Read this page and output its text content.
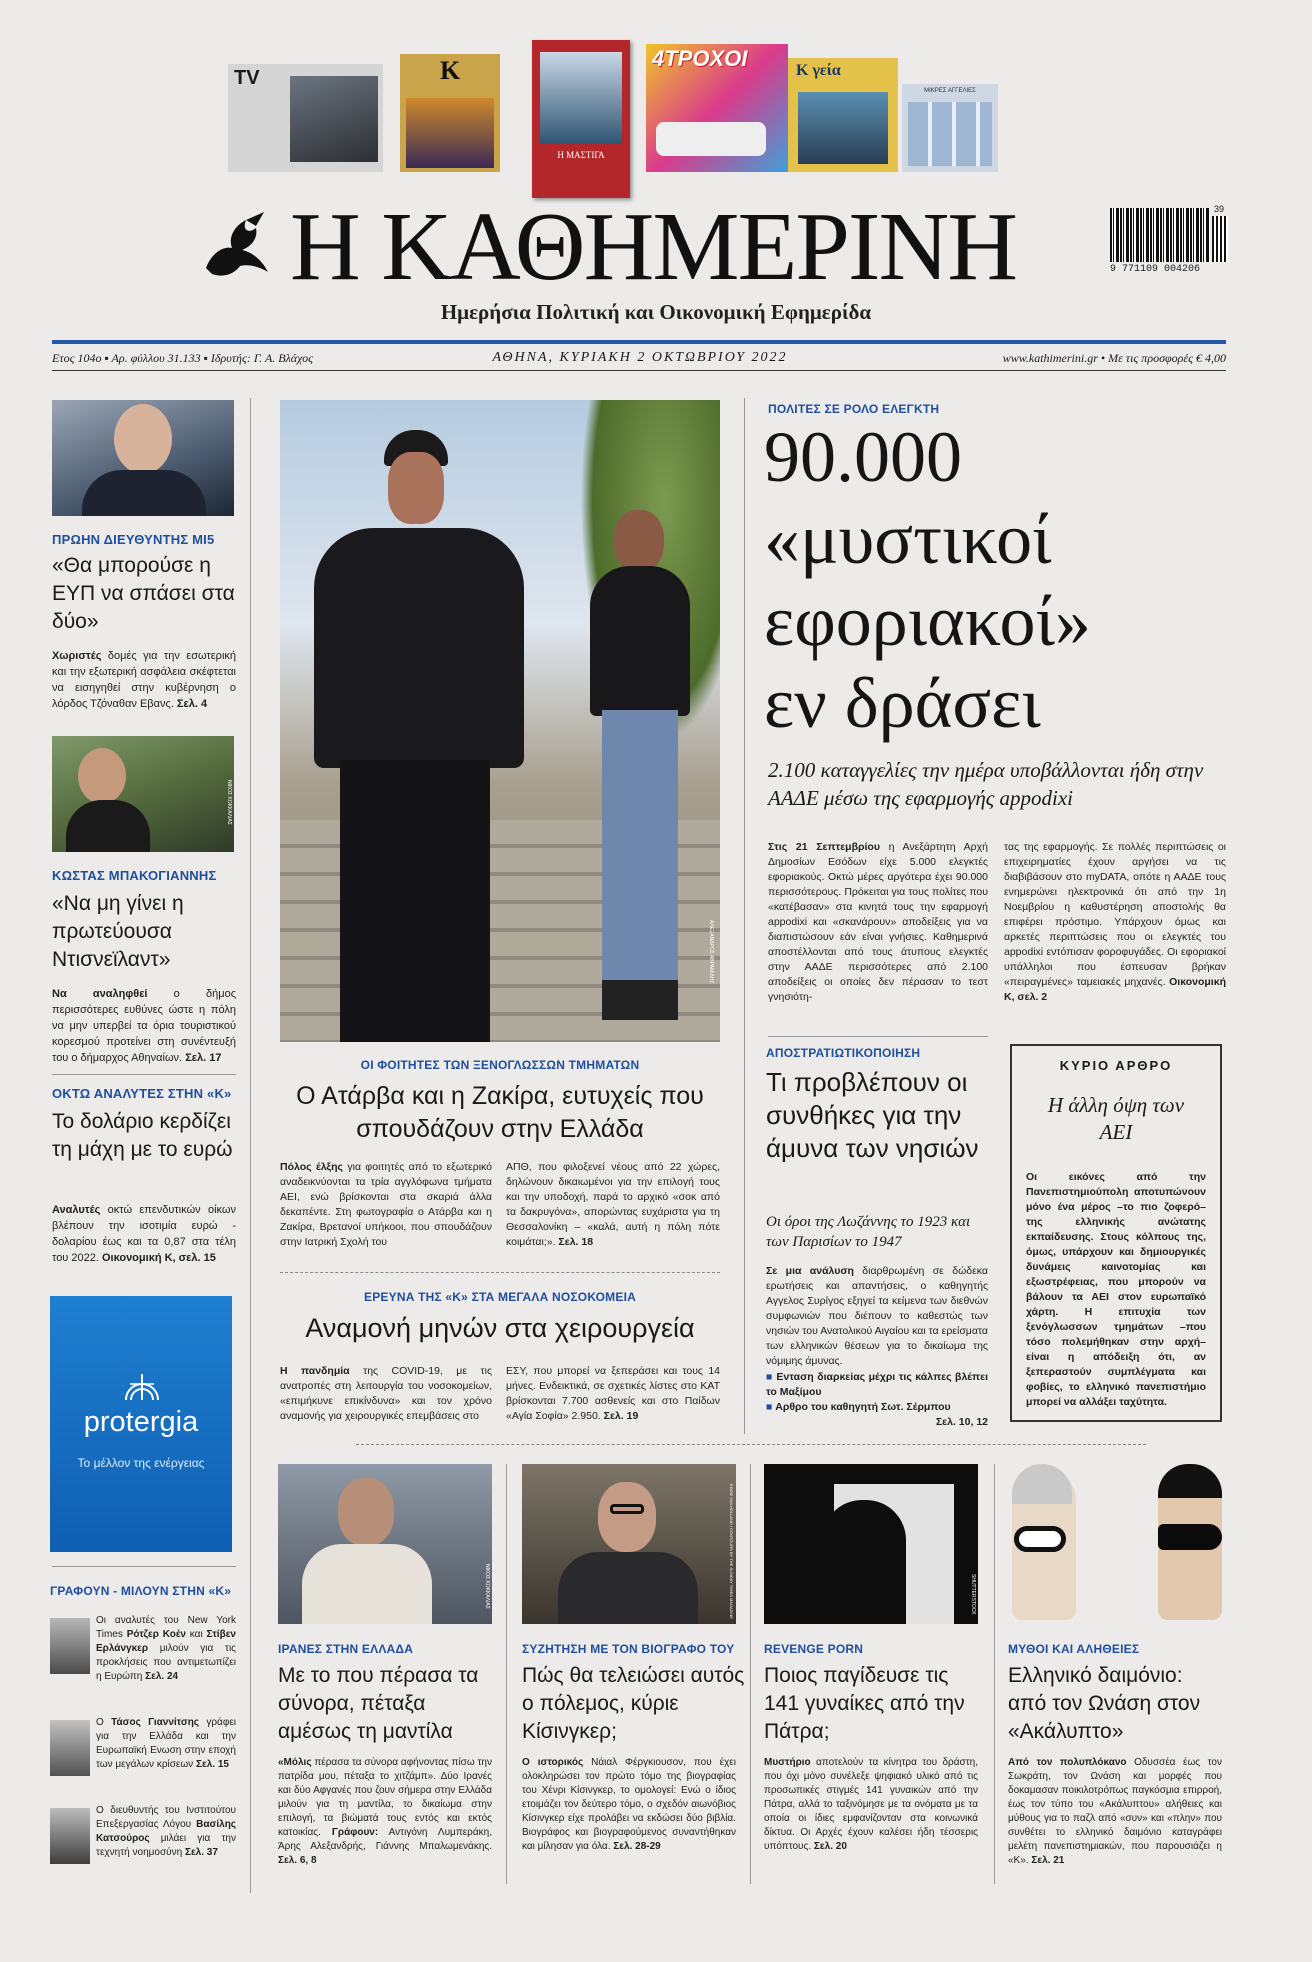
TV	K
Η ΜΑΣΤΙΓΑ
4ΤΡΟΧΟΙ	Κ γεία
ΜΙΚΡΕΣ ΑΓΓΕΛΙΕΣ
Η ΚΑΘΗΜΕΡΙΝΗ	39
9 771109 004206
Ημερήσια Πολιτική και Οικονομική Εφημερίδα
Ετος 104ο ▪ Αρ. φύλλου 31.133 ▪ Ιδρυτής: Γ. Α. Βλάχος	ΑΘΗΝΑ, ΚΥΡΙΑΚΗ 2 ΟΚΤΩΒΡΙΟΥ 2022	www.kathimerini.gr • Με τις προσφορές € 4,00
ΠΡΩΗΝ ΔΙΕΥΘΥΝΤΗΣ ΜΙ5
«Θα μπορούσε η ΕΥΠ να σπάσει στα δύο»
Χωριστές δομές για την εσωτερική και την εξωτερική ασφάλεια σκέφτεται να εισηγηθεί στην κυβέρνηση ο λόρδος Τζόναθαν Εβανς. Σελ. 4
ΝΙΚΟΣ ΚΟΚΚΑΛΙΑΣ
ΚΩΣΤΑΣ ΜΠΑΚΟΓΙΑΝΝΗΣ
«Να μη γίνει η πρωτεύουσα Ντισνεϊλαντ»
Να αναληφθεί ο δήμος περισσότερες ευθύνες ώστε η πόλη να μην υπερβεί τα όρια τουριστικού κορεσμού προτείνει στη συνέντευξή του ο δήμαρχος Αθηναίων. Σελ. 17
ΟΚΤΩ ΑΝΑΛΥΤΕΣ ΣΤΗΝ «Κ»
Το δολάριο κερδίζει τη μάχη με το ευρώ
Αναλυτές οκτώ επενδυτικών οίκων βλέπουν την ισοτιμία ευρώ - δολαρίου έως και τα 0,87 στα τέλη του 2022. Οικονομική Κ, σελ. 15
protergia
Το μέλλον της ενέργειας
ΓΡΑΦΟΥΝ - ΜΙΛΟΥΝ ΣΤΗΝ «Κ»
Οι αναλυτές του New York Times Ρότζερ Κοέν και Στίβεν Ερλάνγκερ μιλούν για τις προκλήσεις που αντιμετωπίζει η Ευρώπη Σελ. 24
Ο Τάσος Γιαννίτσης γράφει για την Ελλάδα και την Ευρωπαϊκή Ενωση στην εποχή των μεγάλων κρίσεων Σελ. 15
Ο διευθυντής του Ινστιτούτου Επεξεργασίας Λόγου Βασίλης Κατσούρος μιλάει για την τεχνητή νοημοσύνη Σελ. 37
ΑΛΕΞΑΝΔΡΟΣ ΑΒΡΑΜΙΔΗΣ
ΟΙ ΦΟΙΤΗΤΕΣ ΤΩΝ ΞΕΝΟΓΛΩΣΣΩΝ ΤΜΗΜΑΤΩΝ
Ο Ατάρβα και η Ζακίρα, ευτυχείς που σπουδάζουν στην Ελλάδα
Πόλος έλξης για φοιτητές από το εξωτερικό αναδεικνύονται τα τρία αγγλόφωνα τμήματα ΑΕΙ, ενώ βρίσκονται στα σκαριά άλλα δεκαπέντε. Στη φωτογραφία ο Ατάρβα και η Ζακίρα, Βρετανοί υπήκοοι, που σπουδάζουν στην Ιατρική Σχολή του
ΑΠΘ, που φιλοξενεί νέους από 22 χώρες, δηλώνουν δικαιωμένοι για την επιλογή τους και την υποδοχή, παρά το αρχικό «σοκ από τα δακρυγόνα», απορώντας ευχάριστα για τη Θεσσαλονίκη – «καλά, αυτή η πόλη πότε κοιμάται;». Σελ. 18
ΕΡΕΥΝΑ ΤΗΣ «Κ» ΣΤΑ ΜΕΓΑΛΑ ΝΟΣΟΚΟΜΕΙΑ
Αναμονή μηνών στα χειρουργεία
Η πανδημία της COVID-19, με τις ανατροπές στη λειτουργία του νοσοκομείων, «επιμήκυνε επικίνδυνα» και τον χρόνο αναμονής για χειρουργικές επεμβάσεις στο
ΕΣΥ, που μπορεί να ξεπεράσει και τους 14 μήνες. Ενδεικτικά, σε σχετικές λίστες στο ΚΑΤ βρίσκονται 7.700 ασθενείς και στο Παίδων «Αγία Σοφία» 2.950. Σελ. 19
ΠΟΛΙΤΕΣ ΣΕ ΡΟΛΟ ΕΛΕΓΚΤΗ
90.000
«μυστικοί
εφοριακοί»
εν δράσει
2.100 καταγγελίες την ημέρα υποβάλλονται ήδη στην ΑΑΔΕ μέσω της εφαρμογής appodixi
Στις 21 Σεπτεμβρίου η Ανεξάρτητη Αρχή Δημοσίων Εσόδων είχε 5.000 ελεγκτές εφοριακούς. Οκτώ μέρες αργότερα έχει 90.000 περισσότερους. Πρόκειται για τους πολίτες που «κατέβασαν» στα κινητά τους την εφαρμογή appodixi και «σκανάρουν» αποδείξεις για να διαπιστώσουν εάν είναι γνήσιες. Καθημερινά αποστέλλονται από τους άτυπους ελεγκτές στην ΑΑΔΕ περισσότερες από 2.100 αποδείξεις οι οποίες δεν πέρασαν το τεστ γνησιότη-
τας της εφαρμογής. Σε πολλές περιπτώσεις οι επιχειρηματίες έχουν αργήσει να τις διαβιβάσουν στο myDATA, οπότε η ΑΑΔΕ τους ενημερώνει ηλεκτρονικά ότι από την 1η Νοεμβρίου η καθυστέρηση αποστολής θα επιφέρει πρόστιμο. Υπάρχουν όμως και αρκετές περιπτώσεις που οι ελεγκτές του appodixi εντόπισαν φοροφυγάδες. Οι εφοριακοί υπάλληλοι που έσπευσαν βρήκαν «πειραγμένες» ταμειακές μηχανές. Οικονομική Κ, σελ. 2
ΑΠΟΣΤΡΑΤΙΩΤΙΚΟΠΟΙΗΣΗ
Τι προβλέπουν οι συνθήκες για την άμυνα των νησιών
Οι όροι της Λωζάννης το 1923 και των Παρισίων το 1947
Σε μια ανάλυση διαρθρωμένη σε δώδεκα ερωτήσεις και απαντήσεις, ο καθηγητής Αγγελος Συρίγος εξηγεί τα κείμενα των διεθνών συμφωνιών που διέπουν το καθεστώς των νησιών του Ανατολικού Αιγαίου και τα ερείσματα των ελληνικών θέσεων για το δικαίωμα της νόμιμης άμυνας.
■ Ενταση διαρκείας μέχρι τις κάλπες βλέπει το Μαξίμου
■ Αρθρο του καθηγητή Σωτ. Σέρμπου
Σελ. 10, 12
ΚΥΡΙΟ ΑΡΘΡΟ
Η άλλη όψη των ΑΕΙ
Οι εικόνες από την Πανεπιστημιούπολη αποτυπώνουν μόνο ένα μέρος –το πιο ζοφερό– της ελληνικής ανώτατης εκπαίδευσης. Στους κόλπους της, όμως, υπάρχουν και δημιουργικές δυνάμεις καινοτομίας και εξωστρέφειας, που μπορούν να βάλουν τα ΑΕΙ στον ευρωπαϊκό χάρτη. Η επιτυχία των ξενόγλωσσων τμημάτων –που τόσο πολεμήθηκαν στην αρχή– είναι η απόδειξη ότι, αν ξεπεραστούν συμπλέγματα και φοβίες, το ελληνικό πανεπιστήμιο μπορεί να αλλάξει ταχύτητα.
ΝΙΚΟΣ ΚΟΚΚΑΛΙΑΣ
ΙΡΑΝΕΣ ΣΤΗΝ ΕΛΛΑΔΑ
Με το που πέρασα τα σύνορα, πέταξα αμέσως τη μαντίλα
«Μόλις πέρασα τα σύνορα αφήνοντας πίσω την πατρίδα μου, πέταξα το χιτζάμπ». Δύο Ιρανές και δύο Αφγανές που ζουν σήμερα στην Ελλάδα μιλούν για τη μαντίλα, το δικαίωμα στην επιλογή, τα βιώματά τους εντός και εκτός κατοικίας. Γράφουν: Αντιγόνη Λυμπεράκη, Άρης Αλεξανδρής, Γιάννης Μπαλωμενάκης. Σελ. 6, 8
EDDIE MULHOLLAND / CONTOURS BY THE SUNDAY TIMES MAGAZINE
ΣΥΖΗΤΗΣΗ ΜΕ ΤΟΝ ΒΙΟΓΡΑΦΟ ΤΟΥ
Πώς θα τελειώσει αυτός ο πόλεμος, κύριε Κίσινγκερ;
Ο ιστορικός Νάιαλ Φέργκιουσον, που έχει ολοκληρώσει τον πρώτο τόμο της βιογραφίας του Χένρι Κίσινγκερ, το ομολογεί: Ενώ ο ίδιος ετοιμάζει τον δεύτερο τόμο, ο σχεδόν αιωνόβιος Κίσινγκερ είχε προλάβει να εκδώσει δύο βιβλία. Βιογράφος και βιογραφούμενος συναντήθηκαν και μίλησαν για όλα. Σελ. 28-29
SHUTTERSTOCK
REVENGE PORN
Ποιος παγίδευσε τις 141 γυναίκες από την Πάτρα;
Μυστήριο αποτελούν τα κίνητρα του δράστη, που όχι μόνο συνέλεξε ψηφιακό υλικό από τις προσωπικές στιγμές 141 γυναικών από την Πάτρα, αλλά το ταξινόμησε με τα ονόματα με τα οποία οι ίδιες εμφανίζονταν στα κοινωνικά δίκτυα. Οι Αρχές έχουν καλέσει ήδη τέσσερις υπόπτους. Σελ. 20
ΜΥΘΟΙ ΚΑΙ ΑΛΗΘΕΙΕΣ
Ελληνικό δαιμόνιο: από τον Ωνάση στον «Ακάλυπτο»
Από τον πολυπλόκανο Οδυσσέα έως τον Σωκράτη, τον Ωνάση και μορφές που δοκαμασαν ποικιλοτρόπως παγκόσμια επιρροή, έως τον τύπο του «Ακάλυπτου» αλήθειες και μύθους για το παζλ από «συν» και «πλην» που συνθέτει το ελληνικό δαιμόνιο καταγράφει μελέτη πανεπιστημιακών, που παρουσιάζει η «Κ». Σελ. 21
